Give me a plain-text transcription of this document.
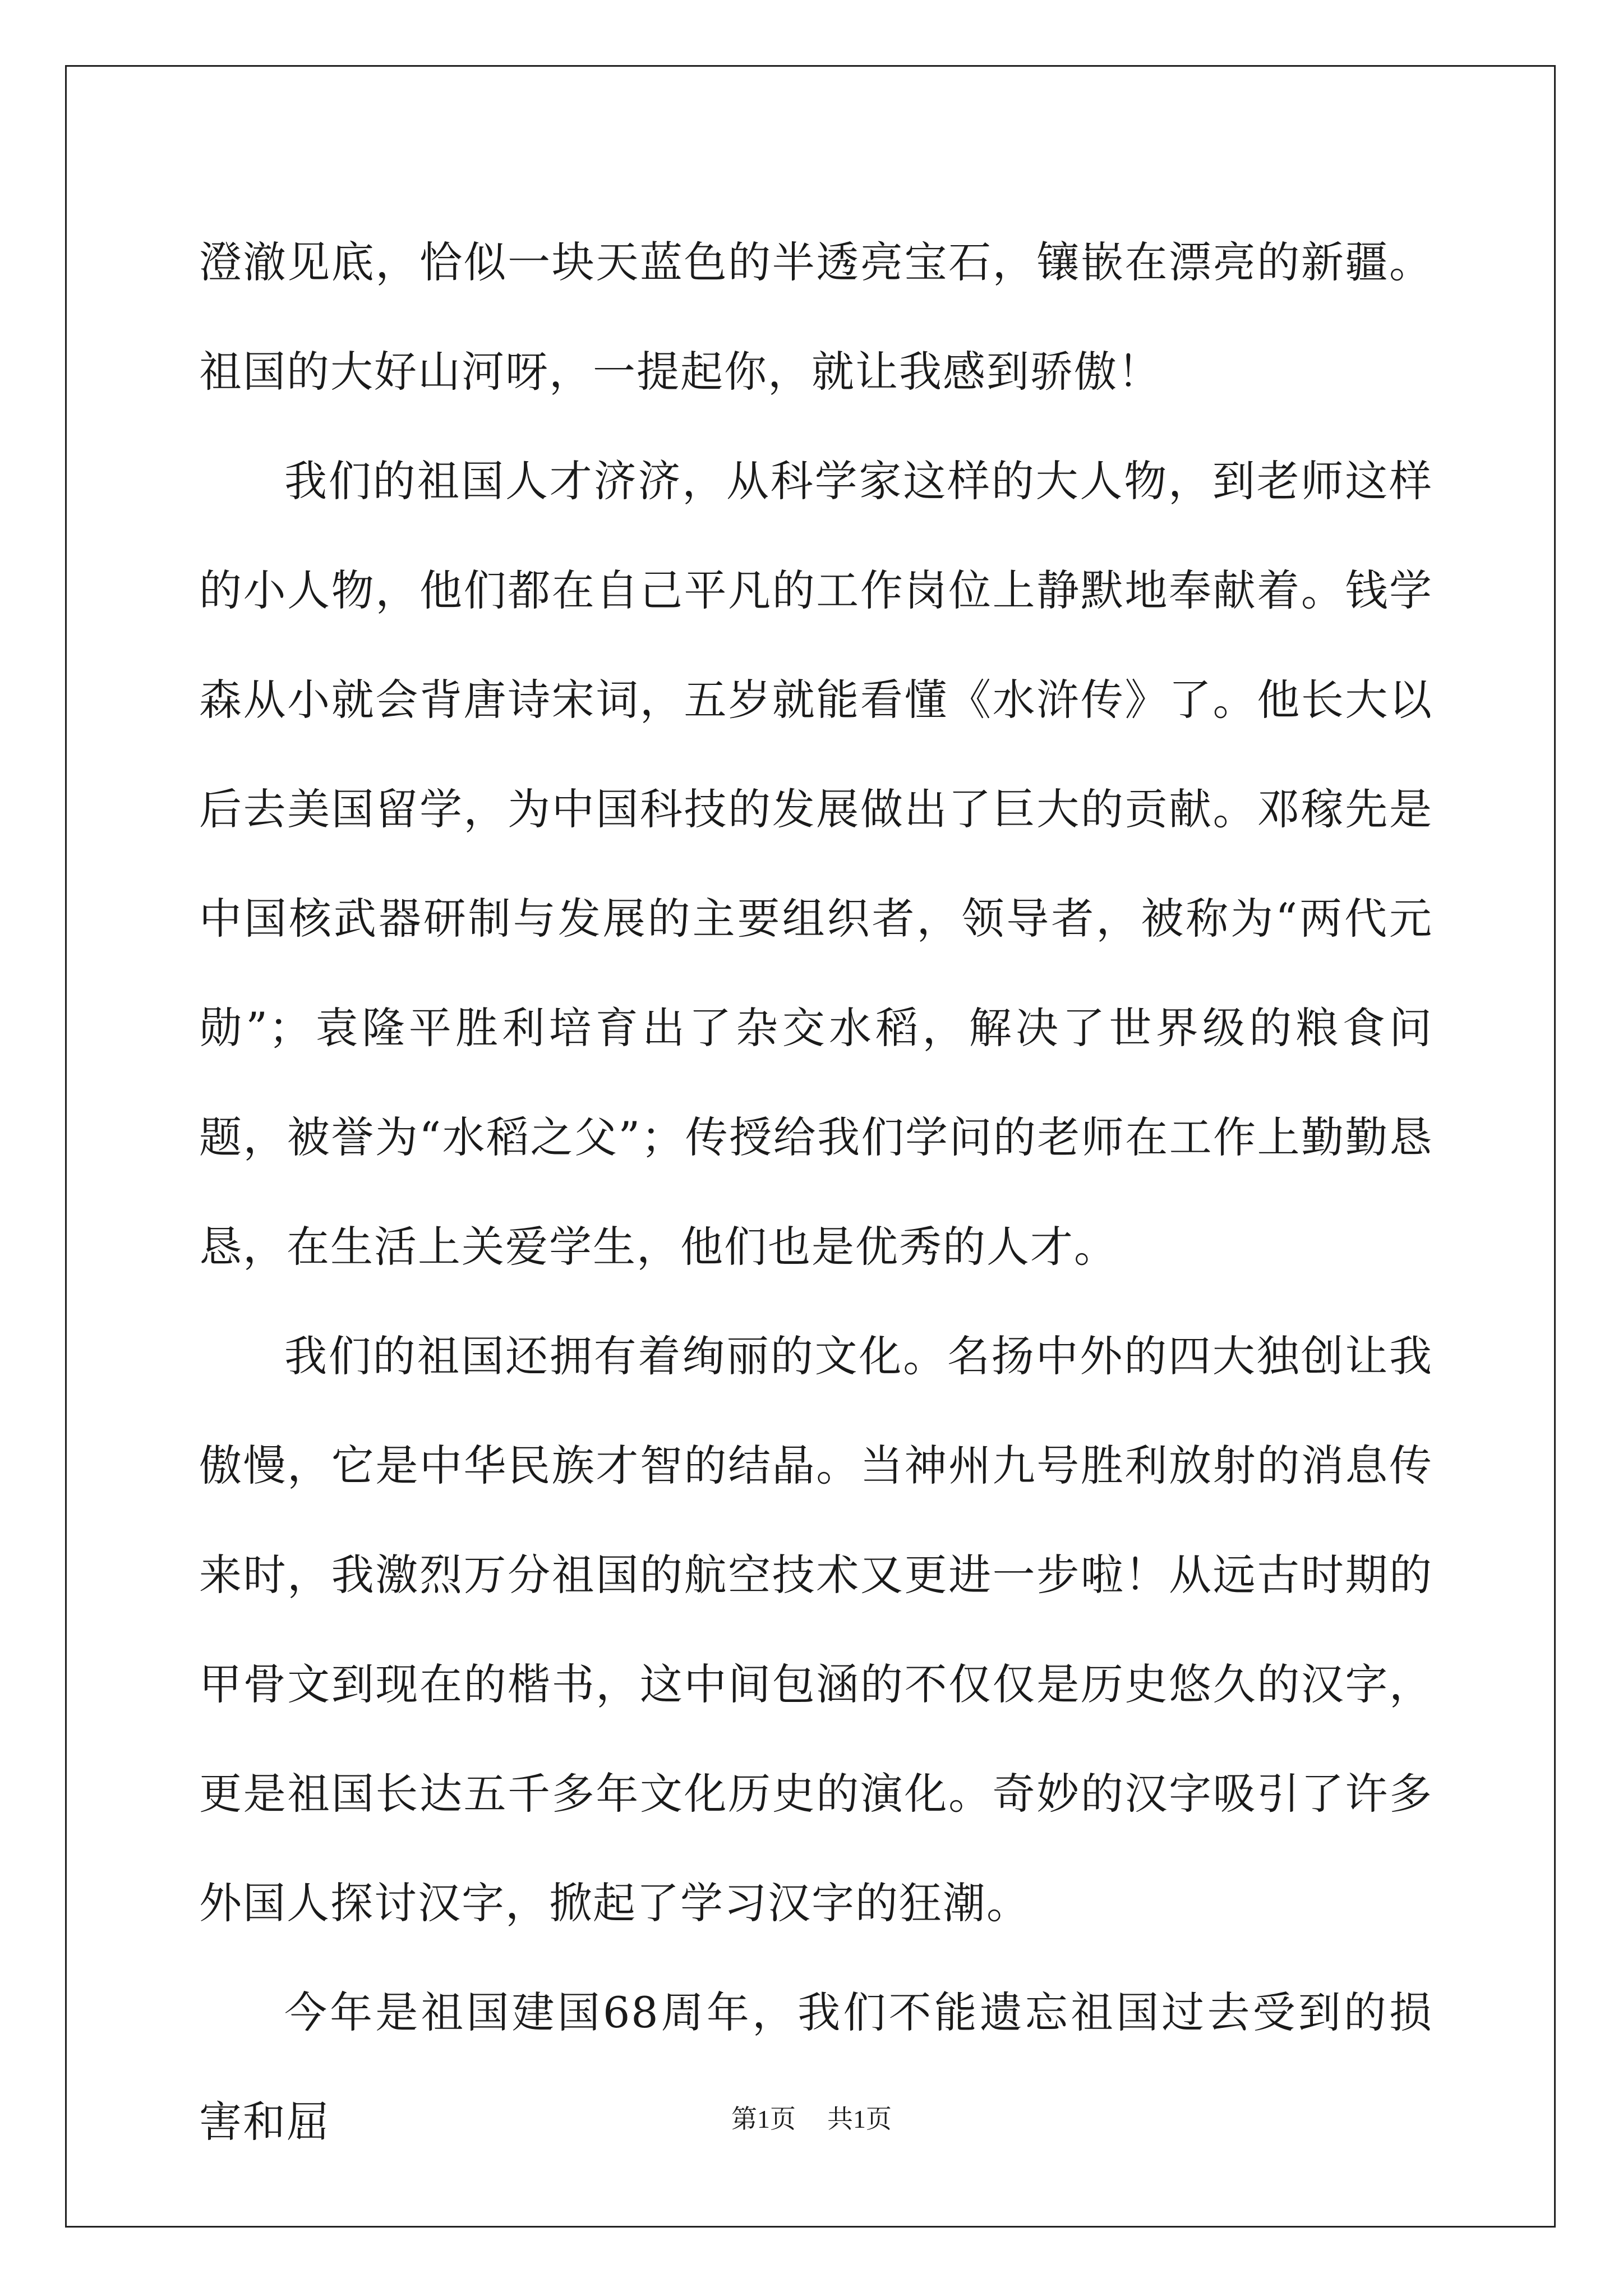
澄澈见底，恰似一块天蓝色的半透亮宝石，镶嵌在漂亮的新疆。祖国的大好山河呀，一提起你，就让我感到骄傲！

我们的祖国人才济济，从科学家这样的大人物，到老师这样的小人物，他们都在自己平凡的工作岗位上静默地奉献着。钱学森从小就会背唐诗宋词，五岁就能看懂《水浒传》了。他长大以后去美国留学，为中国科技的发展做出了巨大的贡献。邓稼先是中国核武器研制与发展的主要组织者，领导者，被称为“两代元勋”；袁隆平胜利培育出了杂交水稻，解决了世界级的粮食问题，被誉为“水稻之父”；传授给我们学问的老师在工作上勤勤恳恳，在生活上关爱学生，他们也是优秀的人才。

我们的祖国还拥有着绚丽的文化。名扬中外的四大独创让我傲慢，它是中华民族才智的结晶。当神州九号胜利放射的消息传来时，我激烈万分祖国的航空技术又更进一步啦！从远古时期的甲骨文到现在的楷书，这中间包涵的不仅仅是历史悠久的汉字，更是祖国长达五千多年文化历史的演化。奇妙的汉字吸引了许多外国人探讨汉字，掀起了学习汉字的狂潮。

今年是祖国建国68周年，我们不能遗忘祖国过去受到的损害和屈	第1页 共1页
